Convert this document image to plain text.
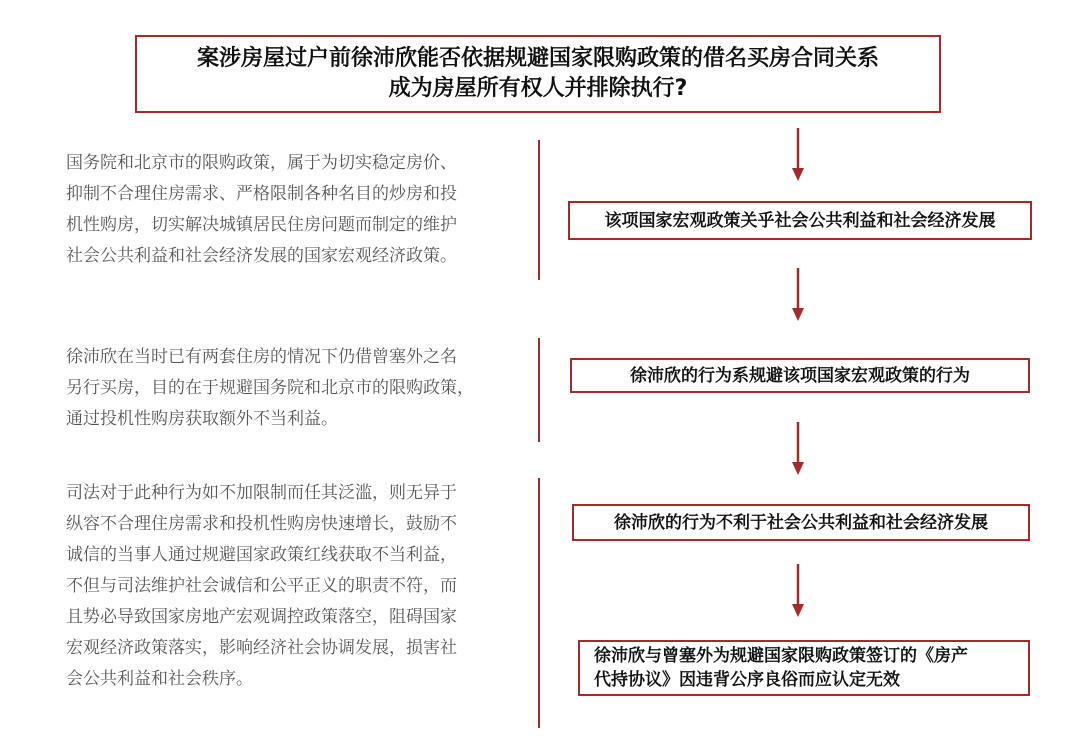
案涉房屋过户前徐沛欣能否依据规避国家限购政策的借名买房合同关系
成为房屋所有权人并排除执行?
国务院和北京市的限购政策，属于为切实稳定房价、
抑制不合理住房需求、严格限制各种名目的炒房和投
机性购房，切实解决城镇居民住房问题而制定的维护
社会公共利益和社会经济发展的国家宏观经济政策。
徐沛欣在当时已有两套住房的情况下仍借曾塞外之名
另行买房，目的在于规避国务院和北京市的限购政策，
通过投机性购房获取额外不当利益。
司法对于此种行为如不加限制而任其泛滥，则无异于
纵容不合理住房需求和投机性购房快速增长，鼓励不
诚信的当事人通过规避国家政策红线获取不当利益，
不但与司法维护社会诚信和公平正义的职责不符，而
且势必导致国家房地产宏观调控政策落空，阻碍国家
宏观经济政策落实，影响经济社会协调发展，损害社
会公共利益和社会秩序。
该项国家宏观政策关乎社会公共利益和社会经济发展
徐沛欣的行为系规避该项国家宏观政策的行为
徐沛欣的行为不利于社会公共利益和社会经济发展
徐沛欣与曾塞外为规避国家限购政策签订的《房产
代持协议》因违背公序良俗而应认定无效
